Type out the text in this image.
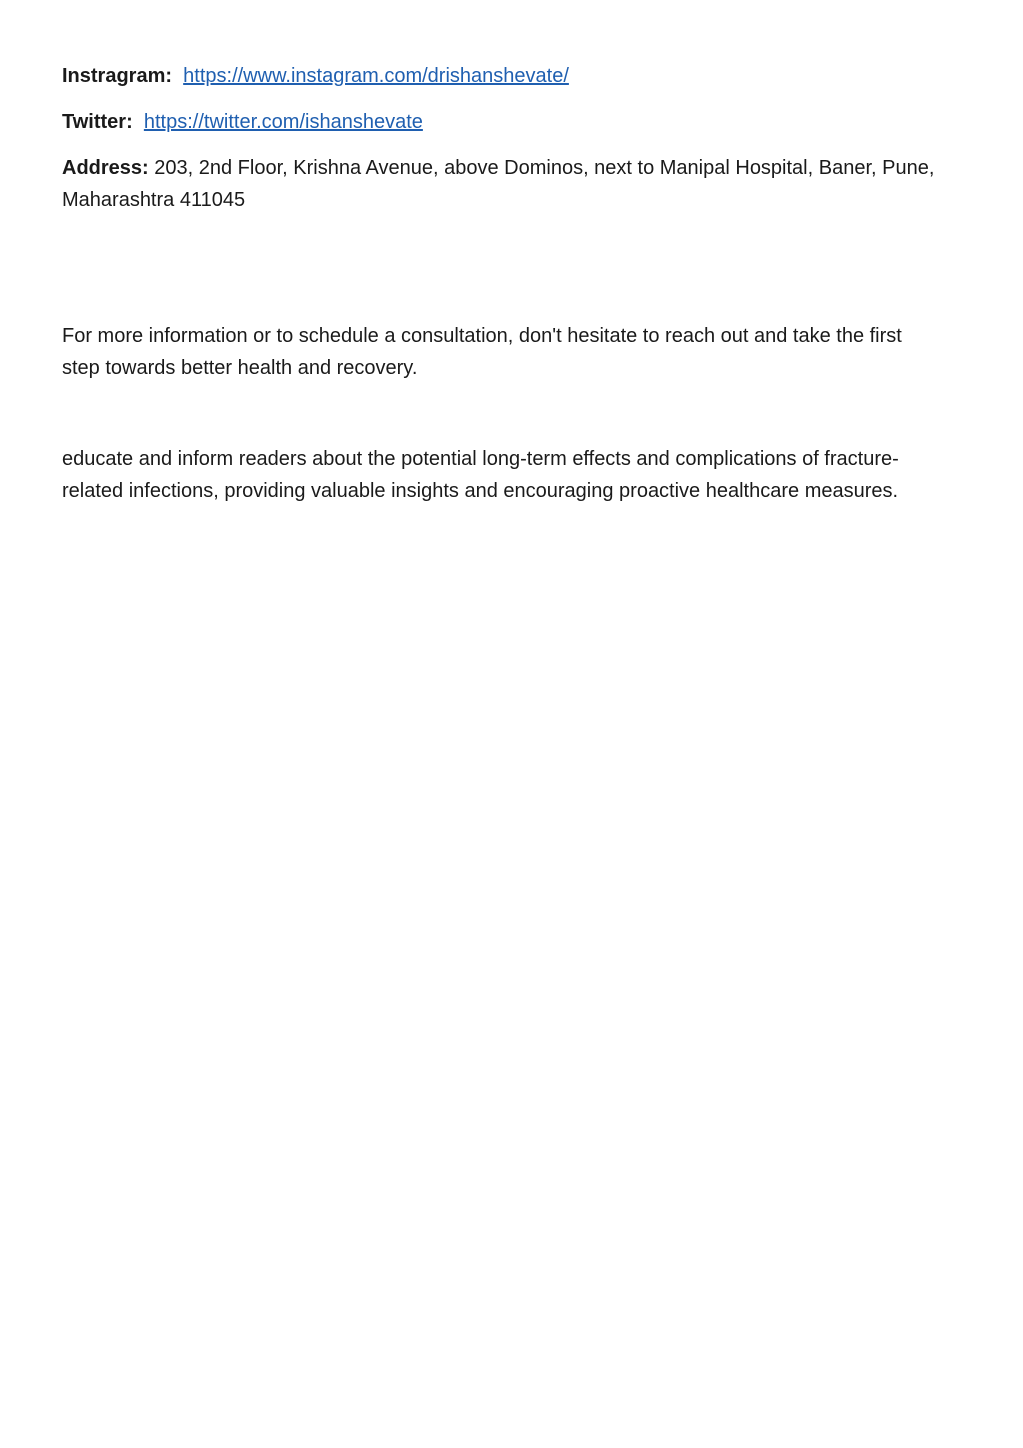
Instragram: https://www.instagram.com/drishanshevate/

Twitter: https://twitter.com/ishanshevate

Address: 203, 2nd Floor, Krishna Avenue, above Dominos, next to Manipal Hospital, Baner, Pune, Maharashtra 411045

For more information or to schedule a consultation, don't hesitate to reach out and take the first step towards better health and recovery.

educate and inform readers about the potential long-term effects and complications of fracture-related infections, providing valuable insights and encouraging proactive healthcare measures.
